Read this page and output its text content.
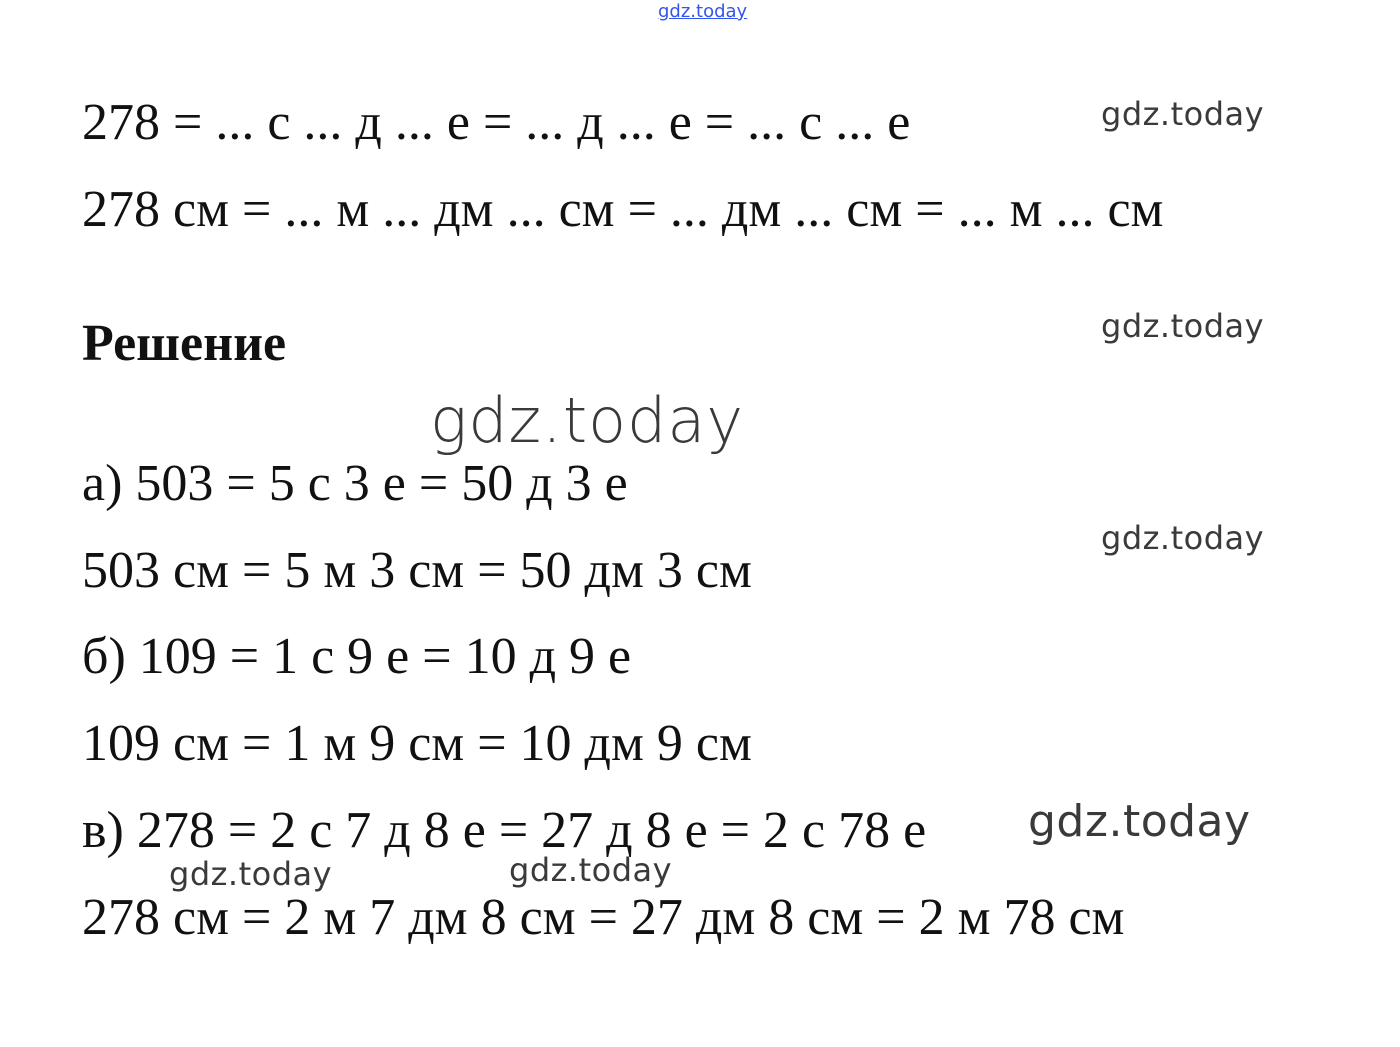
gdz.today

278 = ... с ... д ... е = ... д ... е = ... с ... е

278 см = ... м ... дм ... см = ... дм ... см = ... м ... см

gdz.today
gdz.today
Решение
gdz.today

а) 503 = 5 с 3 е = 50 д 3 е

gdz.today

503 см = 5 м 3 см = 50 дм 3 см

б) 109 = 1 с 9 е = 10 д 9 е

109 см = 1 м 9 см = 10 дм 9 см

в) 278 = 2 с 7 д 8 е = 27 д 8 е = 2 с 78 е gdz.today
gdz.today	gdz.today

278 см = 2 м 7 дм 8 см = 27 дм 8 см = 2 м 78 см
